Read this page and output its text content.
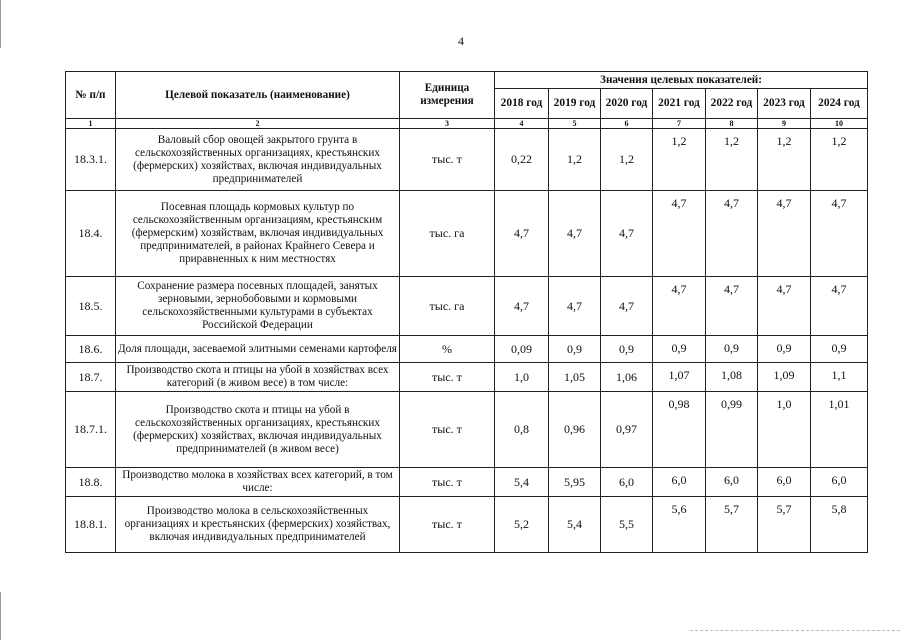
4
№ п/п	Целевой показатель (наименование)	Единица измерения	Значения целевых показателей:						
			2018 год	2019 год	2020 год	2021 год	2022 год	2023 год	2024 год
1	2	3	4	5	6	7	8	9	10
18.3.1.	Валовый сбор овощей закрытого грунта в сельскохозяйственных организациях, крестьянских (фермерских) хозяйствах, включая индивидуальных предпринимателей	тыс. т	0,22	1,2	1,2	1,2	1,2	1,2	1,2
18.4.	Посевная площадь кормовых культур по сельскохозяйственным организациям, крестьянским (фермерским) хозяйствам, включая индивидуальных предпринимателей, в районах Крайнего Севера и приравненных к ним местностях	тыс. га	4,7	4,7	4,7	4,7	4,7	4,7	4,7
18.5.	Сохранение размера посевных площадей, занятых зерновыми, зернобобовыми и кормовыми сельскохозяйственными культурами в субъектах Российской Федерации	тыс. га	4,7	4,7	4,7	4,7	4,7	4,7	4,7
18.6.	Доля площади, засеваемой элитными семенами картофеля	%	0,09	0,9	0,9	0,9	0,9	0,9	0,9
18.7.	Производство скота и птицы на убой в хозяйствах всех категорий (в живом весе) в том числе:	тыс. т	1,0	1,05	1,06	1,07	1,08	1,09	1,1
18.7.1.	Производство скота и птицы на убой в сельскохозяйственных организациях, крестьянских (фермерских) хозяйствах, включая индивидуальных предпринимателей (в живом весе)	тыс. т	0,8	0,96	0,97	0,98	0,99	1,0	1,01
18.8.	Производство молока в хозяйствах всех категорий, в том числе:	тыс. т	5,4	5,95	6,0	6,0	6,0	6,0	6,0
18.8.1.	Производство молока в сельскохозяйственных организациях и крестьянских (фермерских) хозяйствах, включая индивидуальных предпринимателей	тыс. т	5,2	5,4	5,5	5,6	5,7	5,7	5,8
